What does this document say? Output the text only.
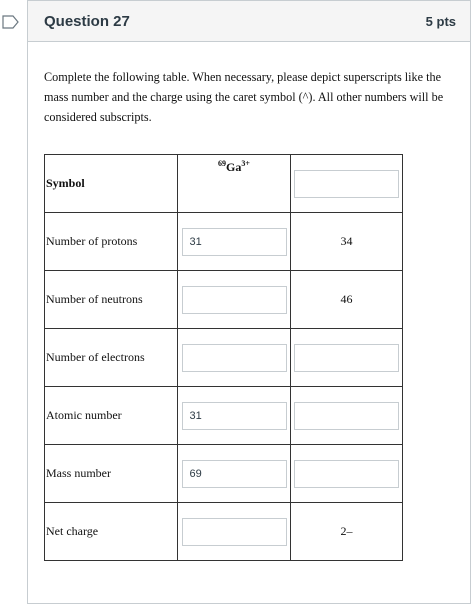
Question 27	5 pts
Complete the following table. When necessary, please depict superscripts like the mass number and the charge using the caret symbol (^). All other numbers will be considered subscripts.
Symbol	$^{69}Ga^{3+}$

Number of protons	31	34
Number of neutrons		46
Number of electrons	

Atomic number	31	

Mass number	69	

Net charge		2–
